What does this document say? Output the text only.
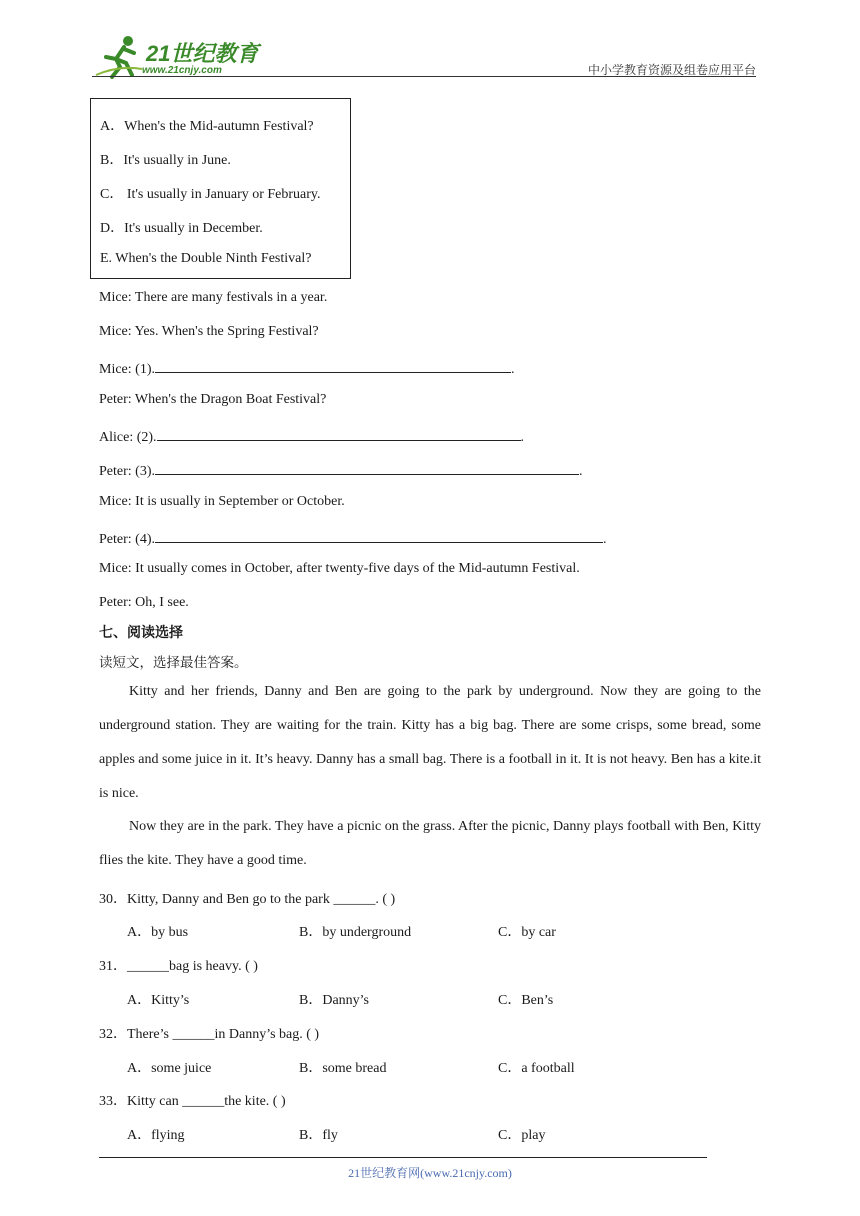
21世纪教育
www.21cnjy.com	中小学教育资源及组卷应用平台
A．When's the Mid-autumn Festival?
B．It's usually in June.
C． It's usually in January or February.
D．It's usually in December.
E. When's the Double Ninth Festival?
Mice: There are many festivals in a year.
Mice: Yes. When's the Spring Festival?
Mice: (1).	.
Peter: When's the Dragon Boat Festival?
Alice: (2).	.
Peter: (3).	.
Mice: It is usually in September or October.
Peter: (4).	.
Mice: It usually comes in October, after twenty-five days of the Mid-autumn Festival.
Peter: Oh, I see.
七、阅读选择
读短文，选择最佳答案。
Kitty and her friends, Danny and Ben are going to the park by underground. Now they are going to the underground station. They are waiting for the train. Kitty has a big bag. There are some crisps, some bread, some apples and some juice in it. It’s heavy. Danny has a small bag. There is a football in it. It is not heavy. Ben has a kite.it is nice.
Now they are in the park. They have a picnic on the grass. After the picnic, Danny plays football with Ben, Kitty flies the kite. They have a good time.
30．Kitty, Danny and Ben go to the park ______. ( )
A．by bus	B．by underground	C．by car
31．______bag is heavy. ( )
A．Kitty’s	B．Danny’s	C．Ben’s
32．There’s ______in Danny’s bag. ( )
A．some juice	B．some bread	C．a football
33．Kitty can ______the kite. ( )
A．flying	B．fly	C．play
21世纪教育网(www.21cnjy.com)
